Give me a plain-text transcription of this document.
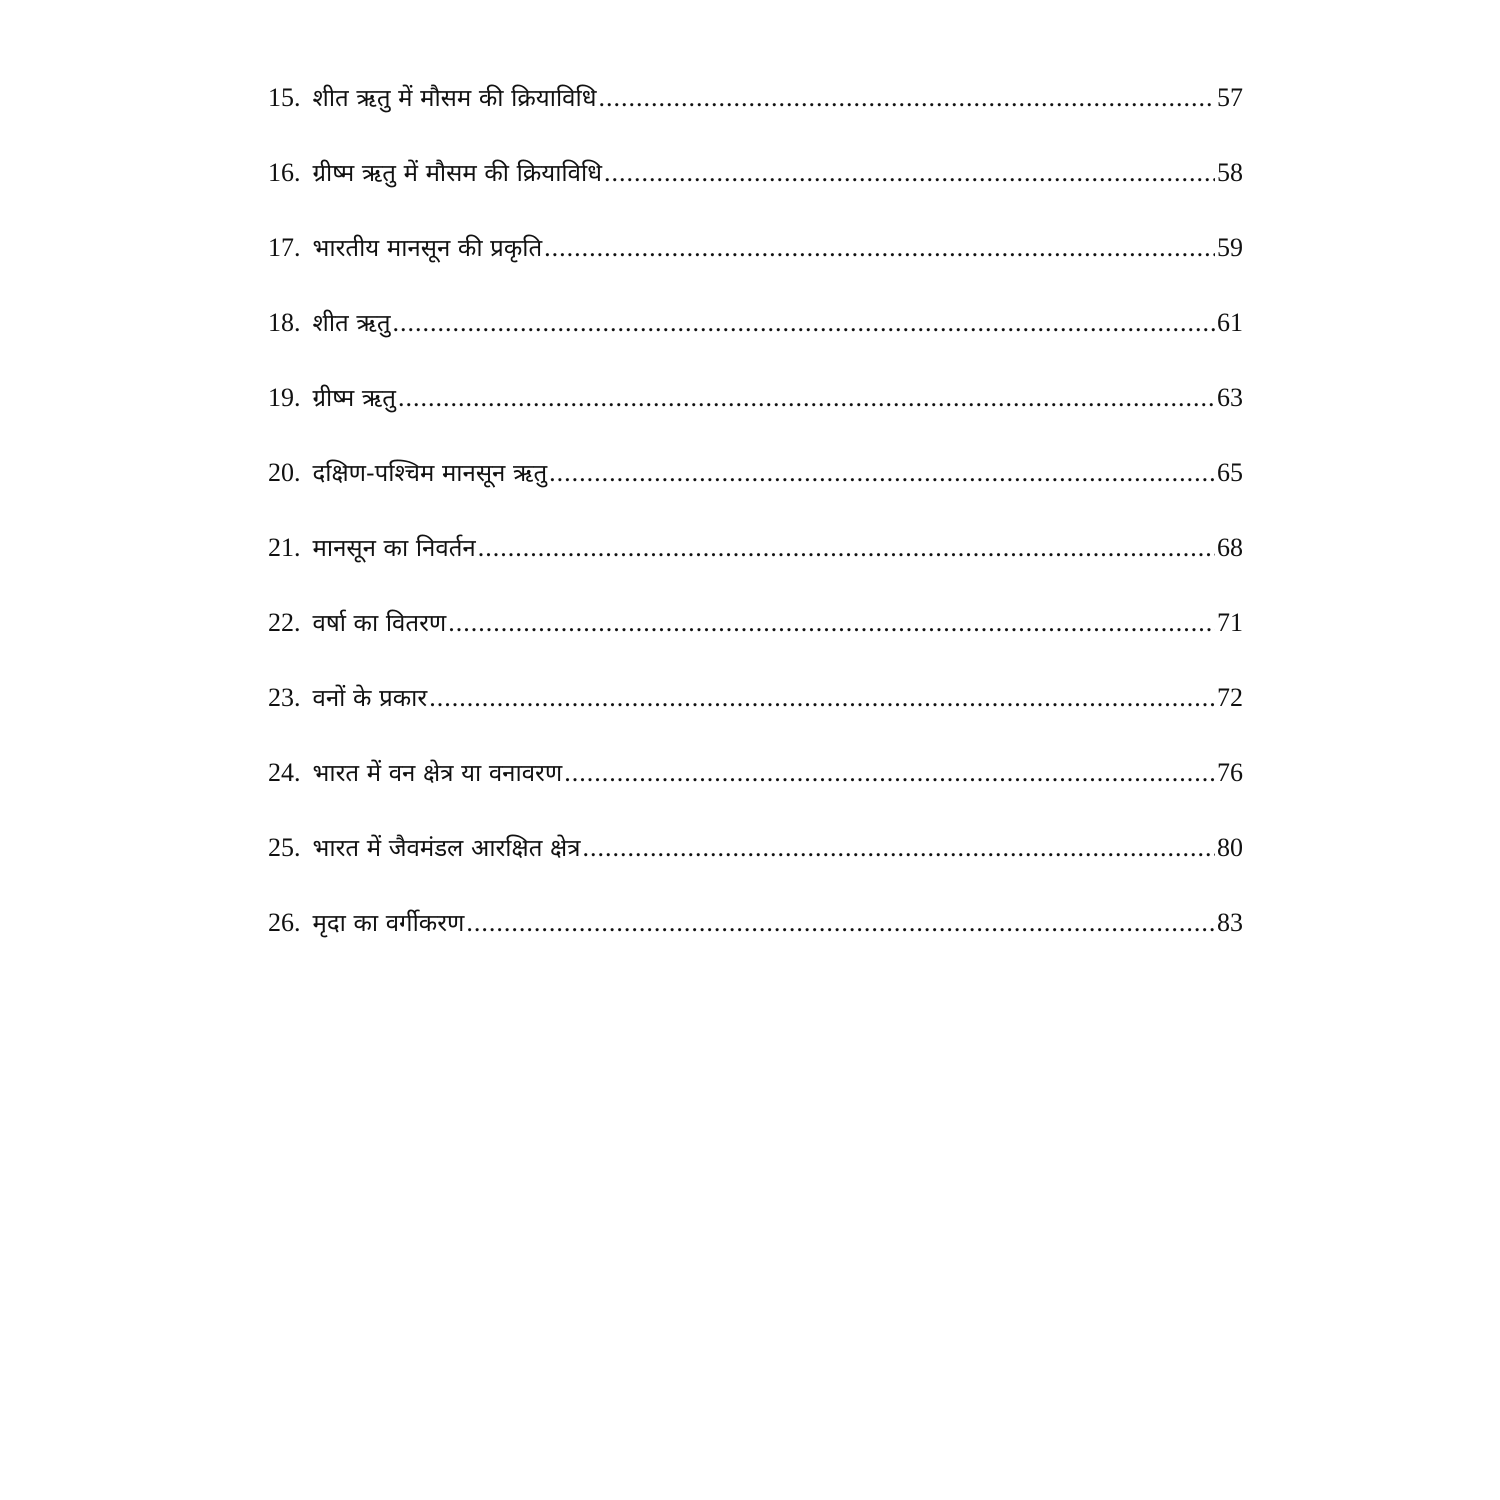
15. शीत ऋतु में मौसम की क्रियाविधि .....	57
16. ग्रीष्म ऋतु में मौसम की क्रियाविधि .....	58
17. भारतीय मानसून की प्रकृति .....	59
18. शीत ऋतु .....	61
19. ग्रीष्म ऋतु .....	63
20. दक्षिण-पश्चिम मानसून ऋतु .....	65
21. मानसून का निवर्तन .....	68
22. वर्षा का वितरण .....	71
23. वनों के प्रकार .....	72
24. भारत में वन क्षेत्र या वनावरण .....	76
25. भारत में जैवमंडल आरक्षित क्षेत्र .....	80
26. मृदा का वर्गीकरण .....	83
